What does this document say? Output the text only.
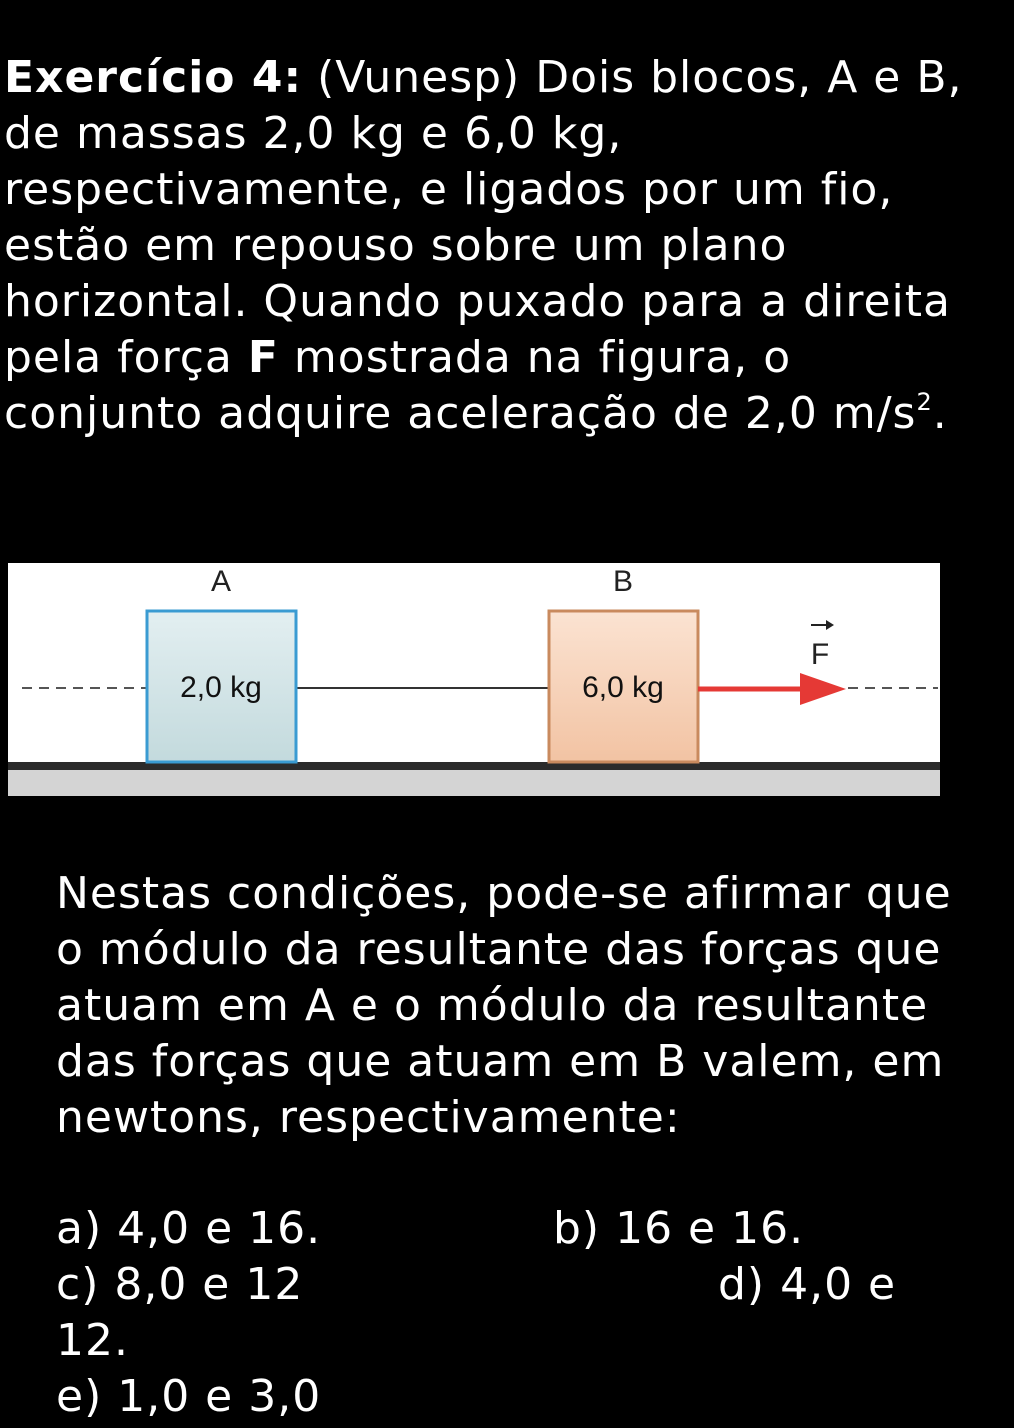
Exercício 4: (Vunesp) Dois blocos, A e B, de massas 2,0 kg e 6,0 kg, respectivamente, e ligados por um fio, estão em repouso sobre um plano horizontal. Quando puxado para a direita pela força F mostrada na figura, o conjunto adquire aceleração de 2,0 $m/s^2$.

A
2,0 kg
B
6,0 kg
F

Nestas condições, pode-se afirmar que o módulo da resultante das forças que atuam em A e o módulo da resultante das forças que atuam em B valem, em newtons, respectivamente:

a) 4,0 e 16.	b) 16 e 16.
c) 8,0 e 12	d) 4,0 e
12.
e) 1,0 e 3,0
